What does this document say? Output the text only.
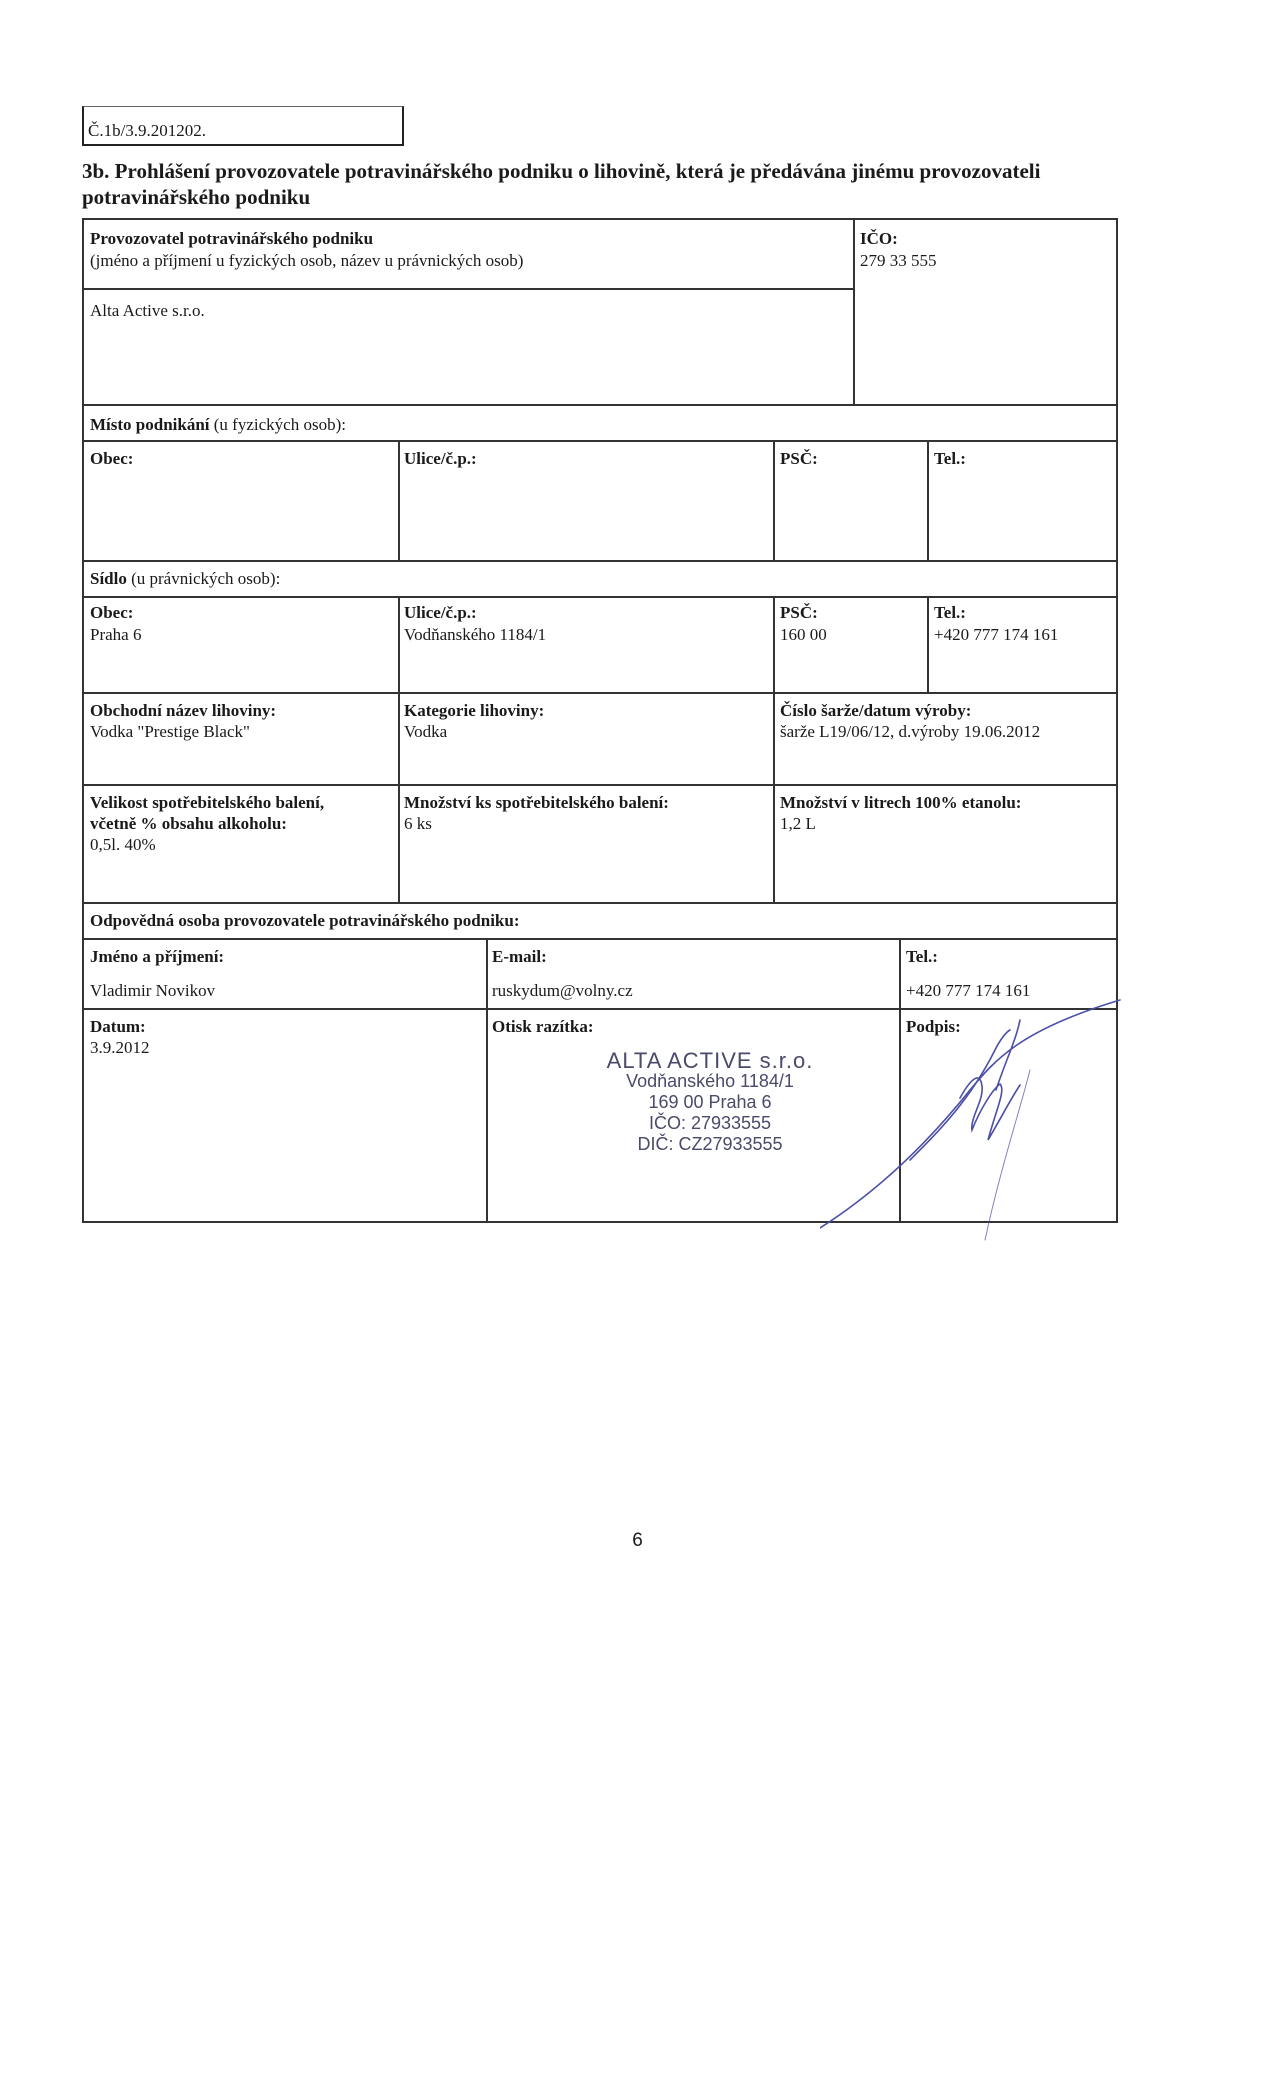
Č.1b/3.9.201202.
3b. Prohlášení provozovatele potravinářského podniku o lihovině, která je předávána jinému provozovateli potravinářského podniku
Provozovatel potravinářského podniku
(jméno a příjmení u fyzických osob, název u právnických osob)
Alta Active s.r.o.
IČO:
279 33 555
Místo podnikání (u fyzických osob):
Obec:	Ulice/č.p.:	PSČ:	Tel.:
Sídlo (u právnických osob):
Obec:
Praha 6
Ulice/č.p.:
Vodňanského 1184/1
PSČ:
160 00
Tel.:
+420 777 174 161
Obchodní název lihoviny:
Vodka "Prestige Black"
Kategorie lihoviny:
Vodka
Číslo šarže/datum výroby:
šarže L19/06/12, d.výroby 19.06.2012
Velikost spotřebitelského balení,
včetně % obsahu alkoholu:
0,5l. 40%
Množství ks spotřebitelského balení:
6 ks
Množství v litrech 100% etanolu:
1,2 L
Odpovědná osoba provozovatele potravinářského podniku:
Jméno a příjmení:
Vladimir Novikov
E-mail:
ruskydum@volny.cz
Tel.:
+420 777 174 161
Datum:
3.9.2012
Otisk razítka:	Podpis:
ALTA ACTIVE s.r.o.
Vodňanského 1184/1
169 00 Praha 6
IČO: 27933555
DIČ: CZ27933555
6
